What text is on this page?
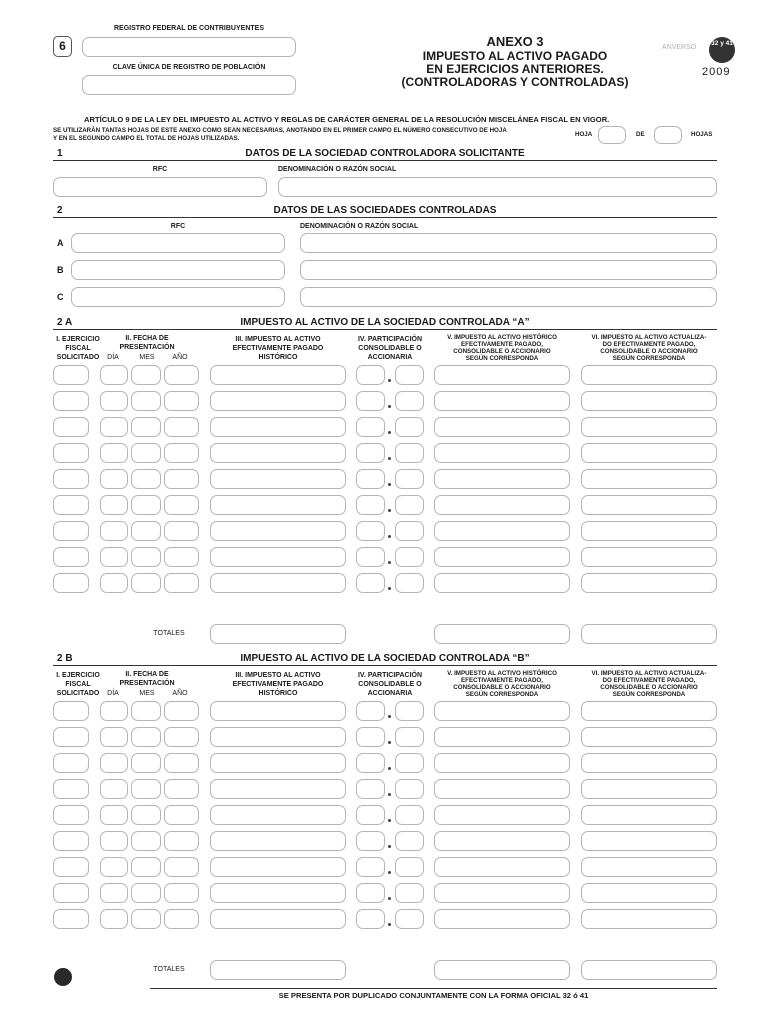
REGISTRO FEDERAL DE CONTRIBUYENTES
6
CLAVE ÚNICA DE REGISTRO DE POBLACIÓN
ANEXO 3
IMPUESTO AL ACTIVO PAGADO
EN EJERCICIOS ANTERIORES.
(CONTROLADORAS Y CONTROLADAS)
ANVERSO
32 y 41
2009
ARTÍCULO 9 DE LA LEY DEL IMPUESTO AL ACTIVO Y REGLAS DE CARÁCTER GENERAL DE LA RESOLUCIÓN MISCELÁNEA FISCAL EN VIGOR.
SE UTILIZARÁN TANTAS HOJAS DE ESTE ANEXO COMO SEAN NECESARIAS, ANOTANDO EN EL PRIMER CAMPO EL NÚMERO CONSECUTIVO DE HOJA
Y EN EL SEGUNDO CAMPO EL TOTAL DE HOJAS UTILIZADAS.
HOJA	DE	HOJAS
1	DATOS DE LA SOCIEDAD CONTROLADORA SOLICITANTE
RFC	DENOMINACIÓN O RAZÓN SOCIAL
2	DATOS DE LAS SOCIEDADES CONTROLADAS
RFC	DENOMINACIÓN O RAZÓN SOCIAL
A
B
C
2 A	IMPUESTO AL ACTIVO DE LA SOCIEDAD CONTROLADA “A”
I. EJERCICIO
FISCAL
SOLICITADO
II. FECHA DE
PRESENTACIÓN
DÍA	MES	AÑO
III. IMPUESTO AL ACTIVO
EFECTIVAMENTE PAGADO
HISTÓRICO
IV. PARTICIPACIÓN
CONSOLIDABLE O
ACCIONARIA
V. IMPUESTO AL ACTIVO HISTÓRICO
EFECTIVAMENTE PAGADO,
CONSOLIDABLE O ACCIONARIO
SEGÚN CORRESPONDA
VI. IMPUESTO AL ACTIVO ACTUALIZA-
DO EFECTIVAMENTE PAGADO,
CONSOLIDABLE O ACCIONARIO
SEGÚN CORRESPONDA
TOTALES
2 B	IMPUESTO AL ACTIVO DE LA SOCIEDAD CONTROLADA “B”
I. EJERCICIO
FISCAL
SOLICITADO
II. FECHA DE
PRESENTACIÓN
DÍA	MES	AÑO
III. IMPUESTO AL ACTIVO
EFECTIVAMENTE PAGADO
HISTÓRICO
IV. PARTICIPACIÓN
CONSOLIDABLE O
ACCIONARIA
V. IMPUESTO AL ACTIVO HISTÓRICO
EFECTIVAMENTE PAGADO,
CONSOLIDABLE O ACCIONARIO
SEGÚN CORRESPONDA
VI. IMPUESTO AL ACTIVO ACTUALIZA-
DO EFECTIVAMENTE PAGADO,
CONSOLIDABLE O ACCIONARIO
SEGÚN CORRESPONDA
TOTALES
SE PRESENTA POR DUPLICADO CONJUNTAMENTE CON LA FORMA OFICIAL 32 ó 41
